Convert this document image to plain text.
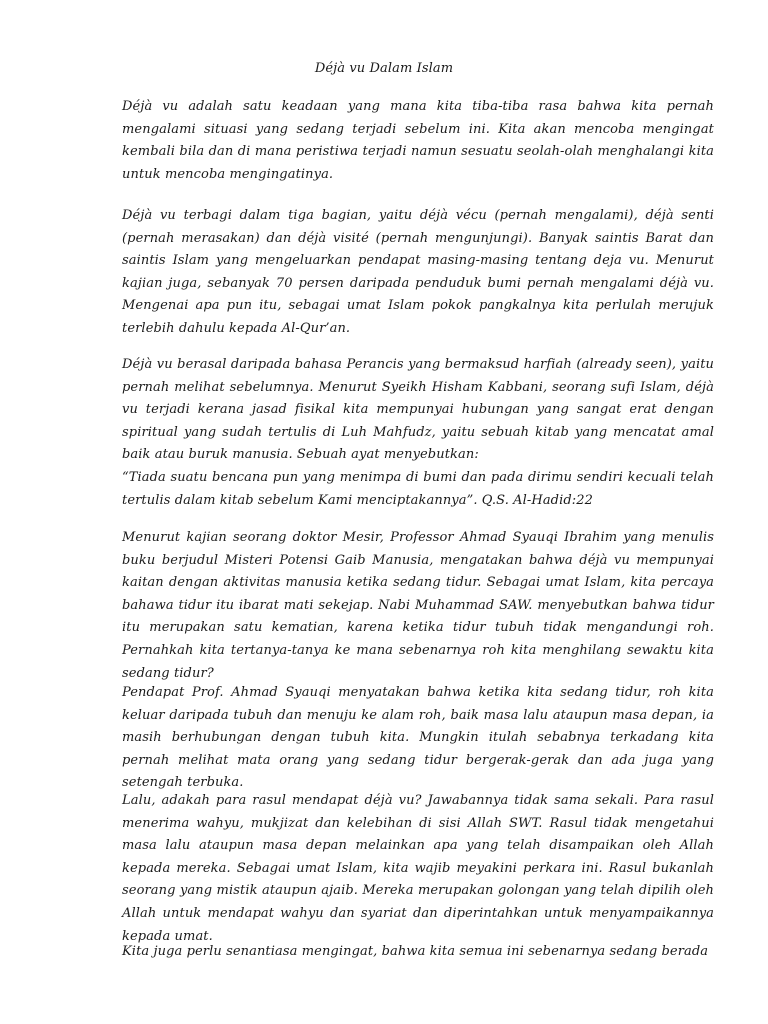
Déjà vu Dalam Islam

Déjà vu adalah satu keadaan yang mana kita tiba-tiba rasa bahwa kita pernah mengalami situasi yang sedang terjadi sebelum ini. Kita akan mencoba mengingat kembali bila dan di mana peristiwa terjadi namun sesuatu seolah-olah menghalangi kita untuk mencoba mengingatinya.

Déjà vu terbagi dalam tiga bagian, yaitu déjà vécu (pernah mengalami), déjà senti (pernah merasakan) dan déjà visité (pernah mengunjungi). Banyak saintis Barat dan saintis Islam yang mengeluarkan pendapat masing-masing tentang deja vu. Menurut kajian juga, sebanyak 70 persen daripada penduduk bumi pernah mengalami déjà vu. Mengenai apa pun itu, sebagai umat Islam pokok pangkalnya kita perlulah merujuk terlebih dahulu kepada Al-Qur’an.

Déjà vu berasal daripada bahasa Perancis yang bermaksud harfiah (already seen), yaitu pernah melihat sebelumnya. Menurut Syeikh Hisham Kabbani, seorang sufi Islam, déjà vu terjadi kerana jasad fisikal kita mempunyai hubungan yang sangat erat dengan spiritual yang sudah tertulis di Luh Mahfudz, yaitu sebuah kitab yang mencatat amal baik atau buruk manusia. Sebuah ayat menyebutkan:

“Tiada suatu bencana pun yang menimpa di bumi dan pada dirimu sendiri kecuali telah tertulis dalam kitab sebelum Kami menciptakannya”. Q.S. Al-Hadid:22

Menurut kajian seorang doktor Mesir, Professor Ahmad Syauqi Ibrahim yang menulis buku berjudul Misteri Potensi Gaib Manusia, mengatakan bahwa déjà vu mempunyai kaitan dengan aktivitas manusia ketika sedang tidur. Sebagai umat Islam, kita percaya bahawa tidur itu ibarat mati sekejap. Nabi Muhammad SAW. menyebutkan bahwa tidur itu merupakan satu kematian, karena ketika tidur tubuh tidak mengandungi roh. Pernahkah kita tertanya-tanya ke mana sebenarnya roh kita menghilang sewaktu kita sedang tidur?

Pendapat Prof. Ahmad Syauqi menyatakan bahwa ketika kita sedang tidur, roh kita keluar daripada tubuh dan menuju ke alam roh, baik masa lalu ataupun masa depan, ia masih berhubungan dengan tubuh kita. Mungkin itulah sebabnya terkadang kita pernah melihat mata orang yang sedang tidur bergerak-gerak dan ada juga yang setengah terbuka.

Lalu, adakah para rasul mendapat déjà vu? Jawabannya tidak sama sekali. Para rasul menerima wahyu, mukjizat dan kelebihan di sisi Allah SWT. Rasul tidak mengetahui masa lalu ataupun masa depan melainkan apa yang telah disampaikan oleh Allah kepada mereka. Sebagai umat Islam, kita wajib meyakini perkara ini. Rasul bukanlah seorang yang mistik ataupun ajaib. Mereka merupakan golongan yang telah dipilih oleh Allah untuk mendapat wahyu dan syariat dan diperintahkan untuk menyampaikannya kepada umat.

Kita juga perlu senantiasa mengingat, bahwa kita semua ini sebenarnya sedang berada
